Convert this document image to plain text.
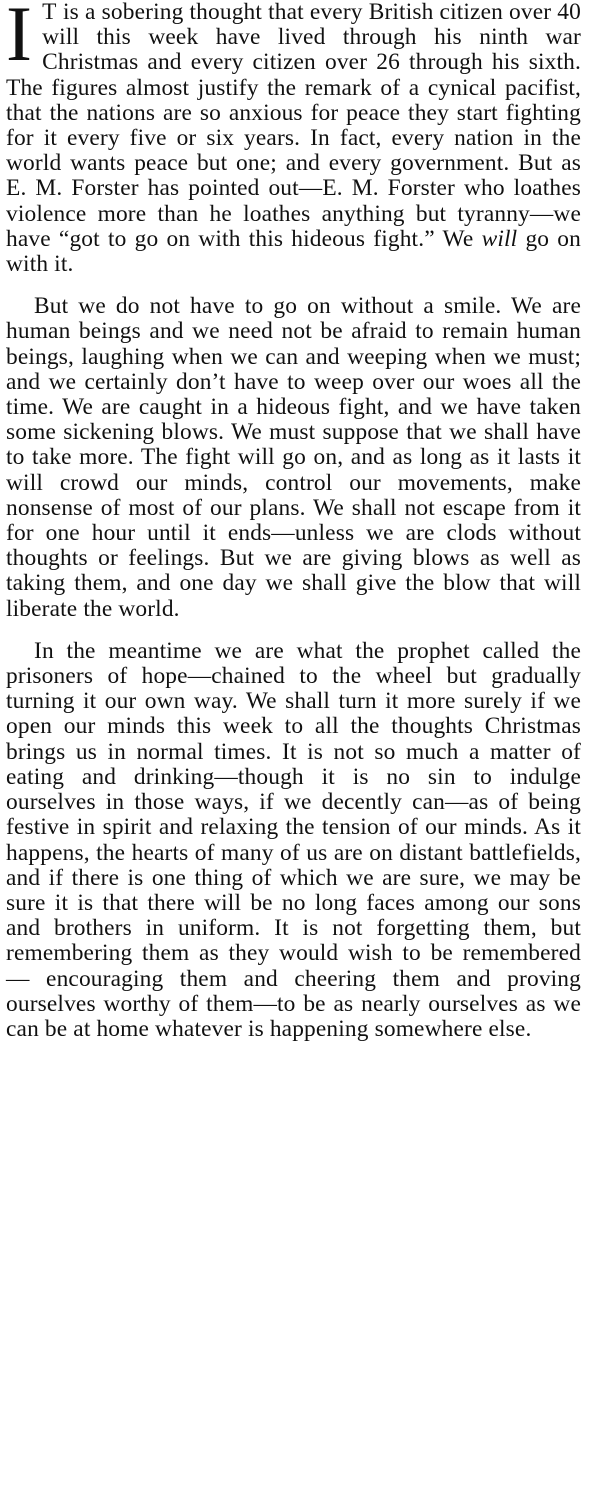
I T is a sobering thought that every British citizen over 40 will this week have lived through his ninth war Christmas and every citizen over 26 through his sixth. The figures almost justify the remark of a cynical pacifist, that the nations are so anxious for peace they start fighting for it every five or six years. In fact, every nation in the world wants peace but one; and every government. But as E. M. Forster has pointed out—E. M. Forster who loathes violence more than he loathes anything but tyranny—we have “got to go on with this hideous fight.” We will go on with it.

But we do not have to go on without a smile. We are human beings and we need not be afraid to remain human beings, laughing when we can and weeping when we must; and we certainly don’t have to weep over our woes all the time. We are caught in a hideous fight, and we have taken some sickening blows. We must suppose that we shall have to take more. The fight will go on, and as long as it lasts it will crowd our minds, control our movements, make nonsense of most of our plans. We shall not escape from it for one hour until it ends—unless we are clods without thoughts or feelings. But we are giving blows as well as taking them, and one day we shall give the blow that will liberate the world.

In the meantime we are what the prophet called the prisoners of hope—chained to the wheel but gradually turning it our own way. We shall turn it more surely if we open our minds this week to all the thoughts Christmas brings us in normal times. It is not so much a matter of eating and drinking—though it is no sin to indulge ourselves in those ways, if we decently can—as of being festive in spirit and relaxing the tension of our minds. As it happens, the hearts of many of us are on distant battlefields, and if there is one thing of which we are sure, we may be sure it is that there will be no long faces among our sons and brothers in uniform. It is not forgetting them, but remembering them as they would wish to be remembered — encouraging them and cheering them and proving ourselves worthy of them—to be as nearly ourselves as we can be at home whatever is happening somewhere else.
